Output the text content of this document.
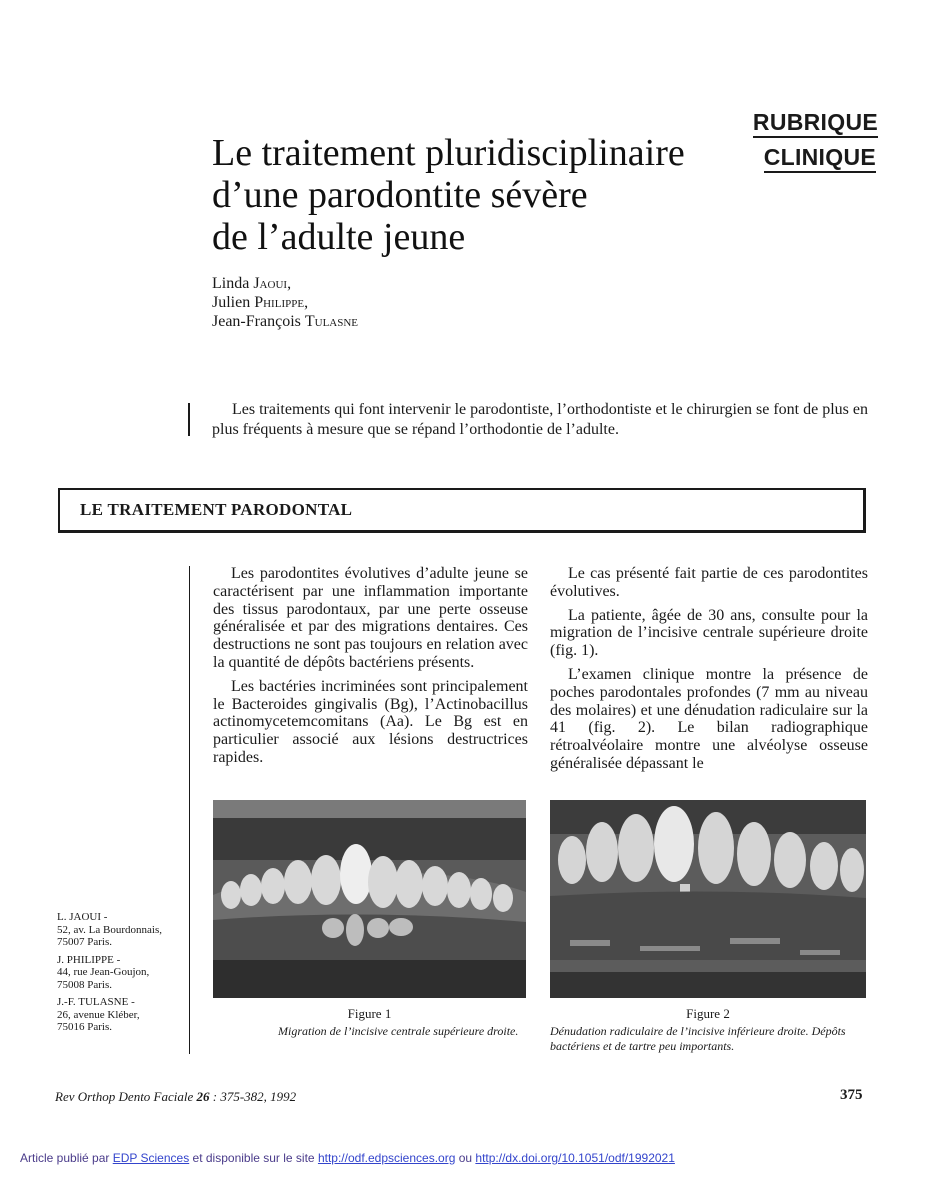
RUBRIQUE
CLINIQUE
Le traitement pluridisciplinaire
d’une parodontite sévère
de l’adulte jeune
Linda Jaoui,
Julien Philippe,
Jean-François Tulasne
Les traitements qui font intervenir le parodontiste, l’orthodontiste et le chirurgien se font de plus en plus fréquents à mesure que se répand l’orthodontie de l’adulte.
LE TRAITEMENT PARODONTAL

Les parodontites évolutives d’adulte jeune se caractérisent par une inflammation importante des tissus parodontaux, par une perte osseuse généralisée et par des migrations dentaires. Ces destructions ne sont pas toujours en relation avec la quantité de dépôts bactériens présents.

Les bactéries incriminées sont principalement le Bacteroides gingivalis (Bg), l’Actinobacillus actinomycetemcomitans (Aa). Le Bg est en particulier associé aux lésions destructrices rapides.

Le cas présenté fait partie de ces parodontites évolutives.

La patiente, âgée de 30 ans, consulte pour la migration de l’incisive centrale supérieure droite (fig. 1).

L’examen clinique montre la présence de poches parodontales profondes (7 mm au niveau des molaires) et une dénudation radiculaire sur la 41 (fig. 2). Le bilan radiographique rétroalvéolaire montre une alvéolyse osseuse généralisée dépassant le

Figure 1
Migration de l’incisive centrale supérieure droite.
Figure 2
Dénudation radiculaire de l’incisive inférieure droite. Dépôts bactériens et de tartre peu importants.
L. JAOUI -
52, av. La Bourdonnais,
75007 Paris.
J. PHILIPPE -
44, rue Jean-Goujon,
75008 Paris.
J.-F. TULASNE -
26, avenue Kléber,
75016 Paris.
Rev Orthop Dento Faciale 26 : 375-382, 1992	375
Article publié par EDP Sciences et disponible sur le site http://odf.edpsciences.org ou http://dx.doi.org/10.1051/odf/1992021
